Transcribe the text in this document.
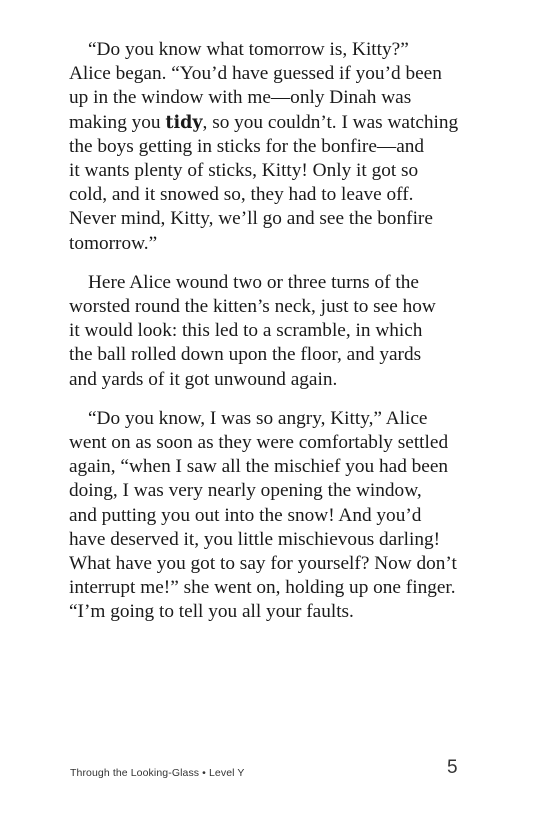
“Do you know what tomorrow is, Kitty?”
Alice began. “You’d have guessed if you’d been
up in the window with me—only Dinah was
making you tidy, so you couldn’t. I was watching
the boys getting in sticks for the bonfire—and
it wants plenty of sticks, Kitty! Only it got so
cold, and it snowed so, they had to leave off.
Never mind, Kitty, we’ll go and see the bonfire
tomorrow.”

Here Alice wound two or three turns of the
worsted round the kitten’s neck, just to see how
it would look: this led to a scramble, in which
the ball rolled down upon the floor, and yards
and yards of it got unwound again.

“Do you know, I was so angry, Kitty,” Alice
went on as soon as they were comfortably settled
again, “when I saw all the mischief you had been
doing, I was very nearly opening the window,
and putting you out into the snow! And you’d
have deserved it, you little mischievous darling!
What have you got to say for yourself? Now don’t
interrupt me!” she went on, holding up one finger.
“I’m going to tell you all your faults.

Through the Looking-Glass • Level Y	5
